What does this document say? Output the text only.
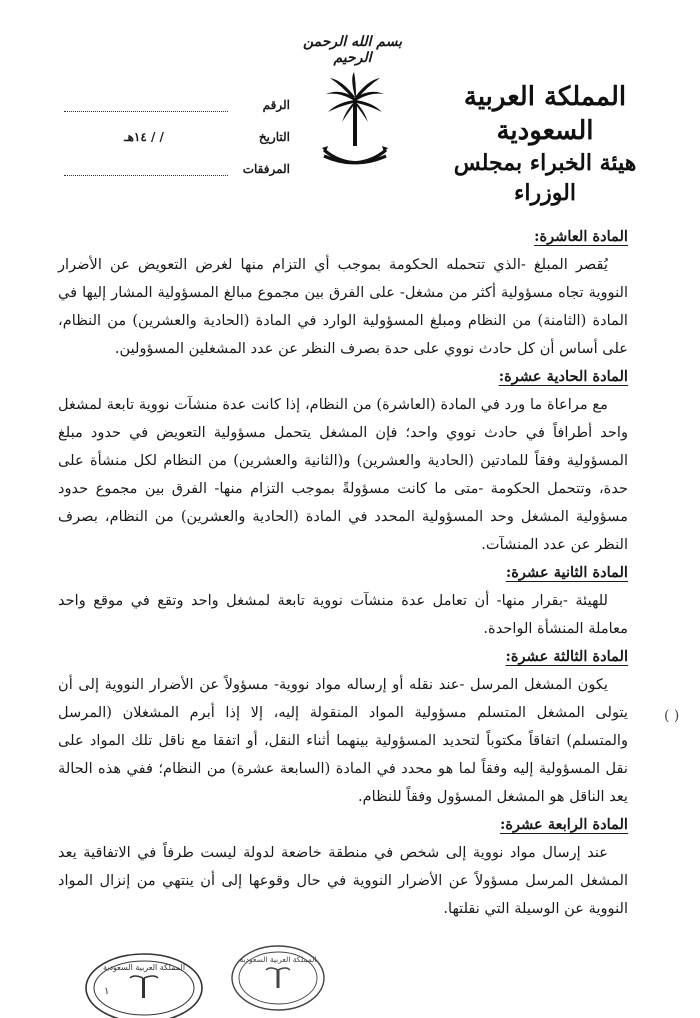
المملكة العربية السعودية
هيئة الخبراء بمجلس الوزراء
بسم الله الرحمن الرحيم
الرقم
التاريخ
/ / ١٤هـ
المرفقات

المادة العاشرة:

يُقصر المبلغ -الذي تتحمله الحكومة بموجب أي التزام منها لغرض التعويض عن الأضرار النووية تجاه مسؤولية أكثر من مشغل- على الفرق بين مجموع مبالغ المسؤولية المشار إليها في المادة (الثامنة) من النظام ومبلغ المسؤولية الوارد في المادة (الحادية والعشرين) من النظام، على أساس أن كل حادث نووي على حدة بصرف النظر عن عدد المشغلين المسؤولين.

المادة الحادية عشرة:

مع مراعاة ما ورد في المادة (العاشرة) من النظام، إذا كانت عدة منشآت نووية تابعة لمشغل واحد أطرافاً في حادث نووي واحد؛ فإن المشغل يتحمل مسؤولية التعويض في حدود مبلغ المسؤولية وفقاً للمادتين (الحادية والعشرين) و(الثانية والعشرين) من النظام لكل منشأة على حدة، وتتحمل الحكومة -متى ما كانت مسؤولةً بموجب التزام منها- الفرق بين مجموع حدود مسؤولية المشغل وحد المسؤولية المحدد في المادة (الحادية والعشرين) من النظام، بصرف النظر عن عدد المنشآت.

المادة الثانية عشرة:

للهيئة -بقرار منها- أن تعامل عدة منشآت نووية تابعة لمشغل واحد وتقع في موقع واحد معاملة المنشأة الواحدة.

المادة الثالثة عشرة:

يكون المشغل المرسل -عند نقله أو إرساله مواد نووية- مسؤولاً عن الأضرار النووية إلى أن يتولى المشغل المتسلم مسؤولية المواد المنقولة إليه، إلا إذا أبرم المشغلان (المرسل والمتسلم) اتفاقاً مكتوباً لتحديد المسؤولية بينهما أثناء النقل، أو اتفقا مع ناقل تلك المواد على نقل المسؤولية إليه وفقاً لما هو محدد في المادة (السابعة عشرة) من النظام؛ ففي هذه الحالة يعد الناقل هو المشغل المسؤول وفقاً للنظام.

المادة الرابعة عشرة:

عند إرسال مواد نووية إلى شخص في منطقة خاضعة لدولة ليست طرفاً في الاتفاقية يعد المشغل المرسل مسؤولاً عن الأضرار النووية في حال وقوعها إلى أن ينتهي من إنزال المواد النووية عن الوسيلة التي نقلتها.

( )
المملكة العربية السعودية
١
المملكة العربية السعودية
